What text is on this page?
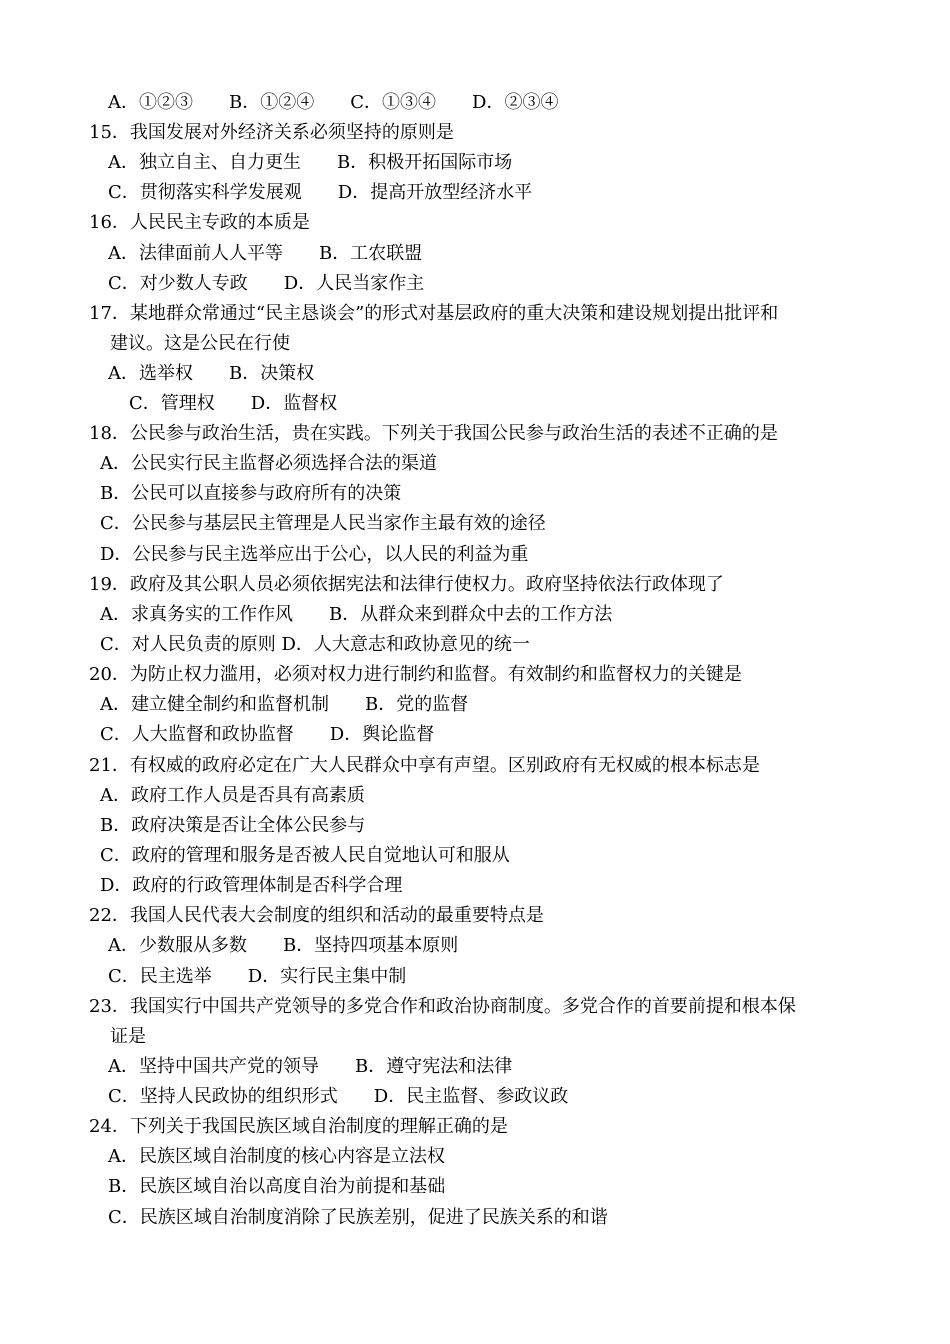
A．①②③ B．①②④ C．①③④ D．②③④
15．我国发展对外经济关系必须坚持的原则是
A．独立自主、自力更生 B．积极开拓国际市场
C．贯彻落实科学发展观 D．提高开放型经济水平
16．人民民主专政的本质是
A．法律面前人人平等 B．工农联盟
C．对少数人专政 D．人民当家作主
17．某地群众常通过“民主恳谈会”的形式对基层政府的重大决策和建设规划提出批评和
建议。这是公民在行使
A．选举权 B．决策权
C．管理权 D．监督权
18．公民参与政治生活，贵在实践。下列关于我国公民参与政治生活的表述不正确的是
A．公民实行民主监督必须选择合法的渠道
B．公民可以直接参与政府所有的决策
C．公民参与基层民主管理是人民当家作主最有效的途径
D．公民参与民主选举应出于公心，以人民的利益为重
19．政府及其公职人员必须依据宪法和法律行使权力。政府坚持依法行政体现了
A．求真务实的工作作风 B．从群众来到群众中去的工作方法
C．对人民负责的原则 D．人大意志和政协意见的统一
20．为防止权力滥用，必须对权力进行制约和监督。有效制约和监督权力的关键是
A．建立健全制约和监督机制 B．党的监督
C．人大监督和政协监督 D．舆论监督
21．有权威的政府必定在广大人民群众中享有声望。区别政府有无权威的根本标志是
A．政府工作人员是否具有高素质
B．政府决策是否让全体公民参与
C．政府的管理和服务是否被人民自觉地认可和服从
D．政府的行政管理体制是否科学合理
22．我国人民代表大会制度的组织和活动的最重要特点是
A．少数服从多数 B．坚持四项基本原则
C．民主选举 D．实行民主集中制
23．我国实行中国共产党领导的多党合作和政治协商制度。多党合作的首要前提和根本保
证是
A．坚持中国共产党的领导 B．遵守宪法和法律
C．坚持人民政协的组织形式 D．民主监督、参政议政
24．下列关于我国民族区域自治制度的理解正确的是
A．民族区域自治制度的核心内容是立法权
B．民族区域自治以高度自治为前提和基础
C．民族区域自治制度消除了民族差别，促进了民族关系的和谐
